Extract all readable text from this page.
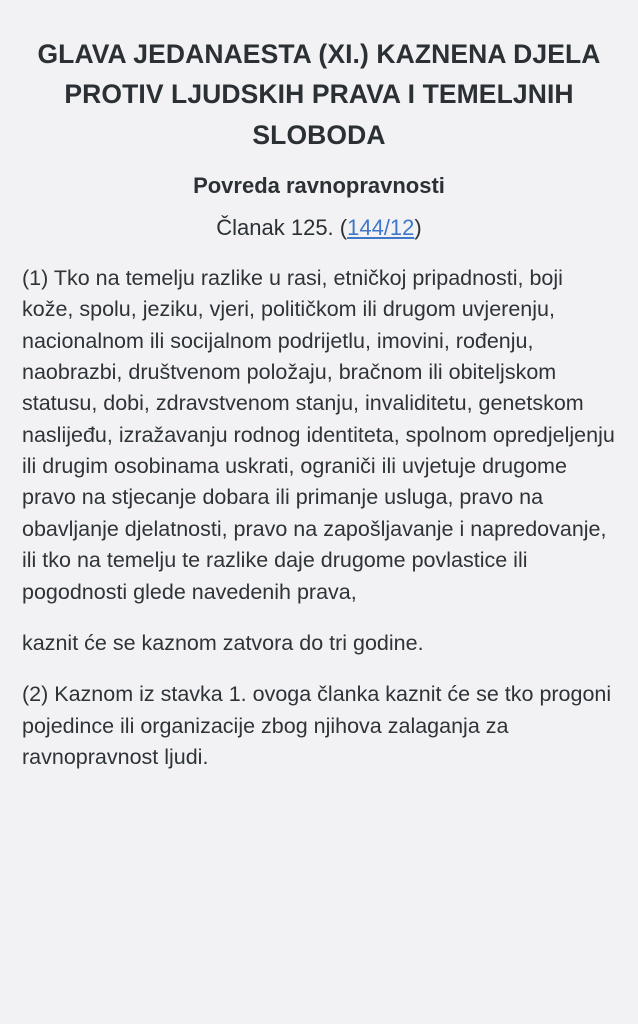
GLAVA JEDANAESTA (XI.) KAZNENA DJELA PROTIV LJUDSKIH PRAVA I TEMELJNIH SLOBODA
Povreda ravnopravnosti

Članak 125. (144/12)

(1) Tko na temelju razlike u rasi, etničkoj pripadnosti, boji kože, spolu, jeziku, vjeri, političkom ili drugom uvjerenju, nacionalnom ili socijalnom podrijetlu, imovini, rođenju, naobrazbi, društvenom položaju, bračnom ili obiteljskom statusu, dobi, zdravstvenom stanju, invaliditetu, genetskom naslijeđu, izražavanju rodnog identiteta, spolnom opredjeljenju ili drugim osobinama uskrati, ograniči ili uvjetuje drugome pravo na stjecanje dobara ili primanje usluga, pravo na obavljanje djelatnosti, pravo na zapošljavanje i napredovanje, ili tko na temelju te razlike daje drugome povlastice ili pogodnosti glede navedenih prava,

kaznit će se kaznom zatvora do tri godine.

(2) Kaznom iz stavka 1. ovoga članka kaznit će se tko progoni pojedince ili organizacije zbog njihova zalaganja za ravnopravnost ljudi.
